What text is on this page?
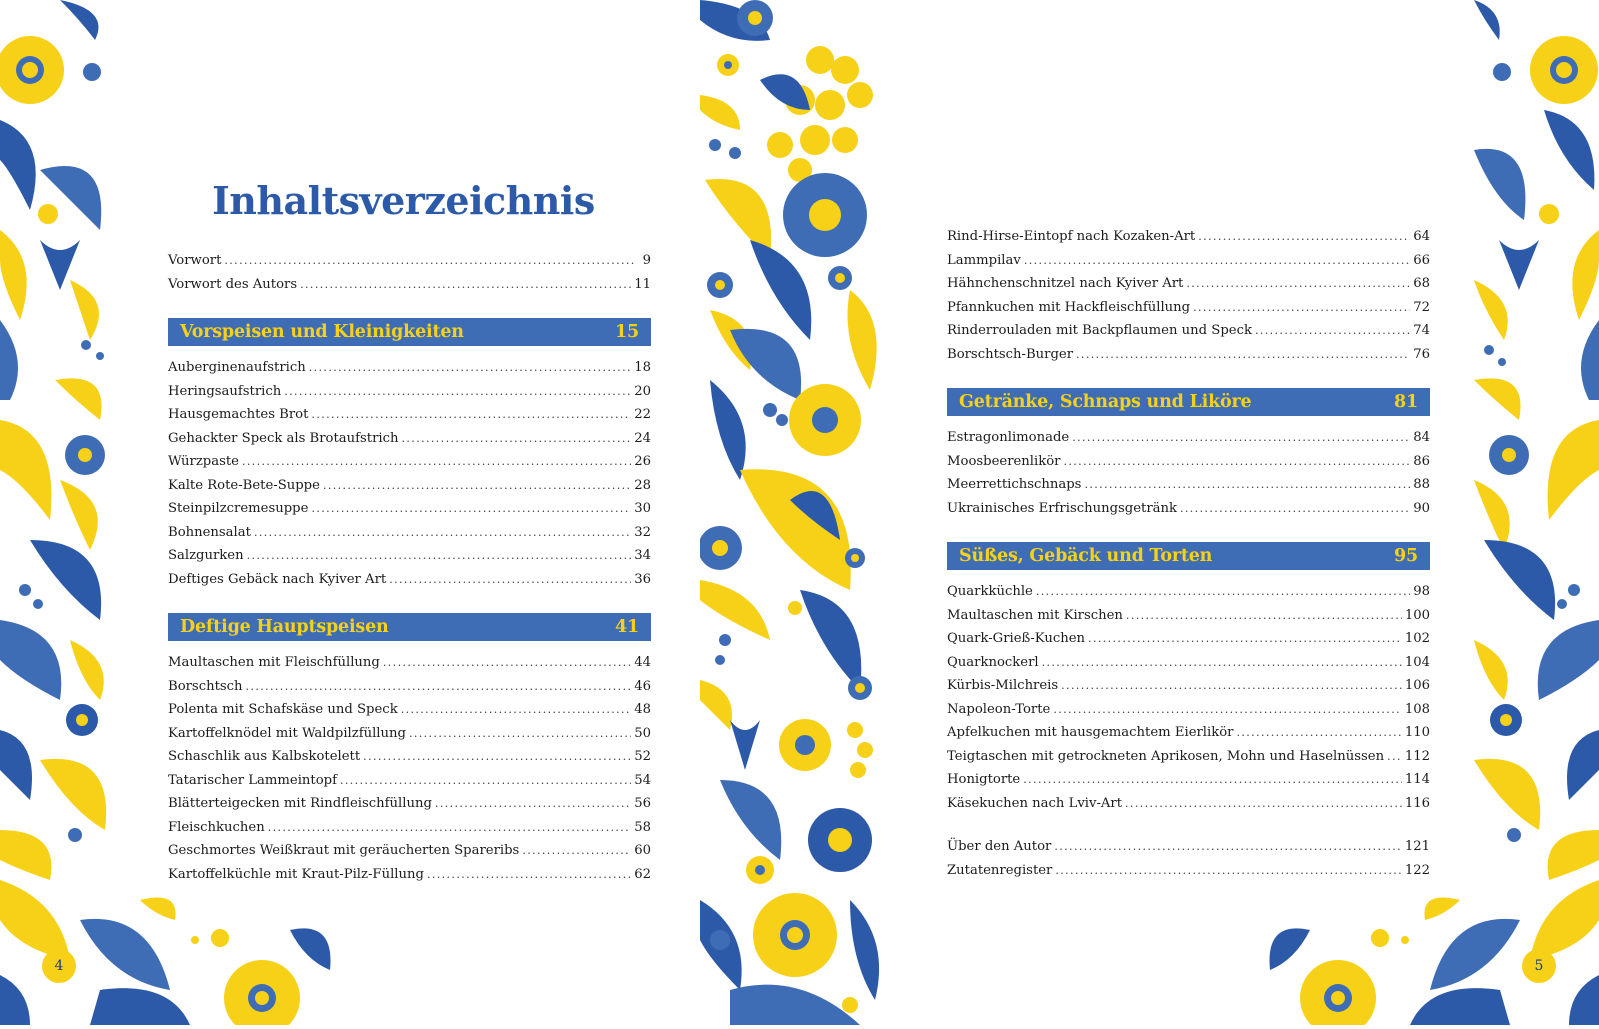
Inhaltsverzeichnis
Vorwort .....	9
Vorwort des Autors .....	11
Vorspeisen und Kleinigkeiten	15
Auberginenaufstrich .....	18
Heringsaufstrich .....	20
Hausgemachtes Brot .....	22
Gehackter Speck als Brotaufstrich .....	24
Würzpaste .....	26
Kalte Rote-Bete-Suppe .....	28
Steinpilzcremesuppe .....	30
Bohnensalat .....	32
Salzgurken .....	34
Deftiges Gebäck nach Kyiver Art .....	36
Deftige Hauptspeisen	41
Maultaschen mit Fleischfüllung .....	44
Borschtsch .....	46
Polenta mit Schafskäse und Speck .....	48
Kartoffelknödel mit Waldpilzfüllung .....	50
Schaschlik aus Kalbskotelett .....	52
Tatarischer Lammeintopf .....	54
Blätterteigecken mit Rindfleischfüllung .....	56
Fleischkuchen .....	58
Geschmortes Weißkraut mit geräucherten Spareribs .....	60
Kartoffelküchle mit Kraut-Pilz-Füllung .....	62
Rind-Hirse-Eintopf nach Kozaken-Art .....	64
Lammpilav .....	66
Hähnchenschnitzel nach Kyiver Art .....	68
Pfannkuchen mit Hackfleischfüllung .....	72
Rinderrouladen mit Backpflaumen und Speck .....	74
Borschtsch-Burger .....	76
Getränke, Schnaps und Liköre	81
Estragonlimonade .....	84
Moosbeerenlikör .....	86
Meerrettichschnaps .....	88
Ukrainisches Erfrischungsgetränk .....	90
Süßes, Gebäck und Torten	95
Quarkküchle .....	98
Maultaschen mit Kirschen .....	100
Quark-Grieß-Kuchen .....	102
Quarknockerl .....	104
Kürbis-Milchreis .....	106
Napoleon-Torte .....	108
Apfelkuchen mit hausgemachtem Eierlikör .....	110
Teigtaschen mit getrockneten Aprikosen, Mohn und Haselnüssen ..... 112
Honigtorte .....	114
Käsekuchen nach Lviv-Art .....	116
Über den Autor .....	121
Zutatenregister .....	122
4	5
